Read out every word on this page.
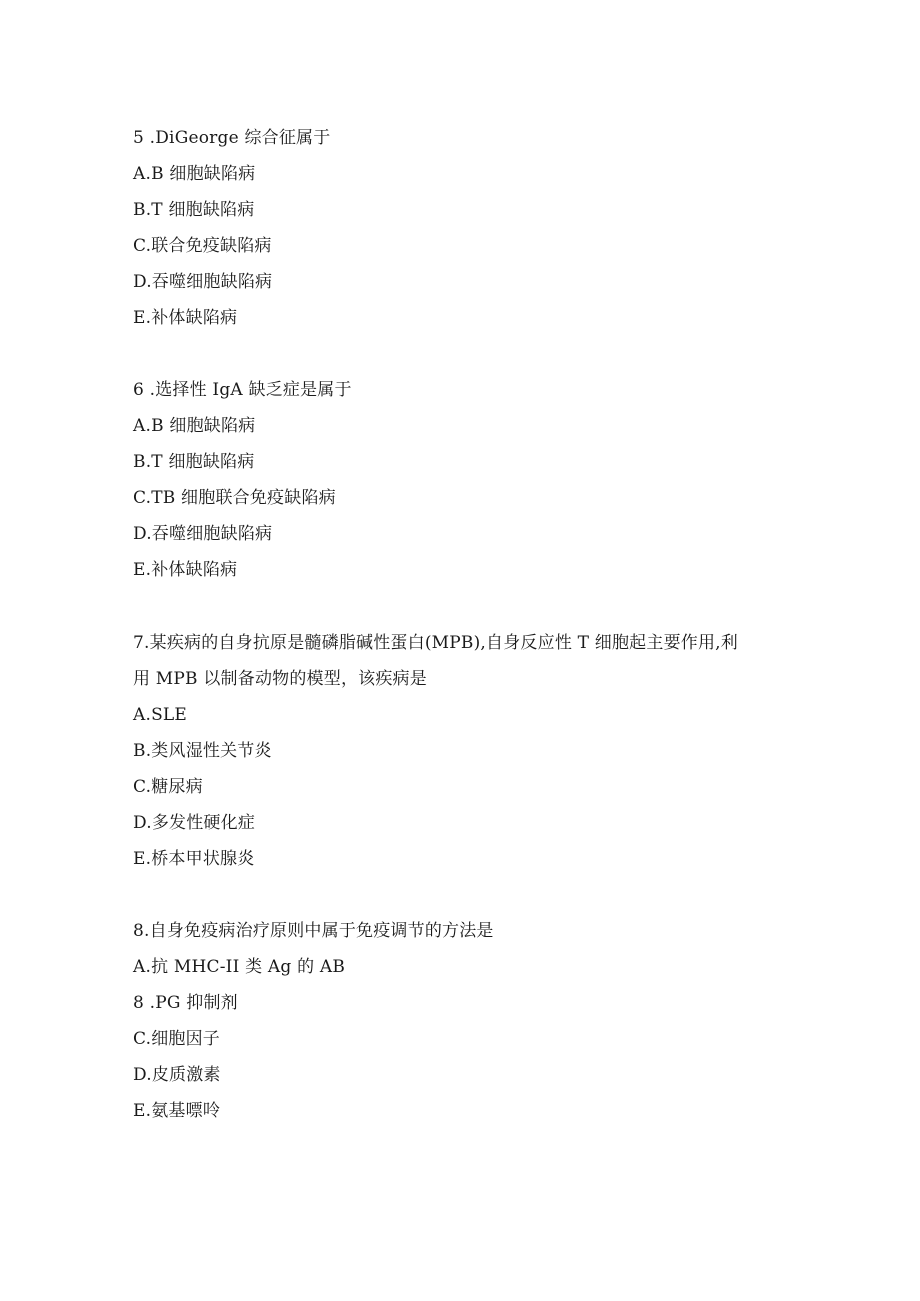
5 .DiGeorge 综合征属于
A.B 细胞缺陷病
B.T 细胞缺陷病
C.联合免疫缺陷病
D.吞噬细胞缺陷病
E.补体缺陷病
6 .选择性 IgA 缺乏症是属于
A.B 细胞缺陷病
B.T 细胞缺陷病
C.TB 细胞联合免疫缺陷病
D.吞噬细胞缺陷病
E.补体缺陷病
7.某疾病的自身抗原是髓磷脂碱性蛋白(MPB),自身反应性 T 细胞起主要作用,利
用 MPB 以制备动物的模型，该疾病是
A.SLE
B.类风湿性关节炎
C.糖尿病
D.多发性硬化症
E.桥本甲状腺炎
8.自身免疫病治疗原则中属于免疫调节的方法是
A.抗 MHC-II 类 Ag 的 AB
8 .PG 抑制剂
C.细胞因子
D.皮质激素
E.氨基嘌呤
